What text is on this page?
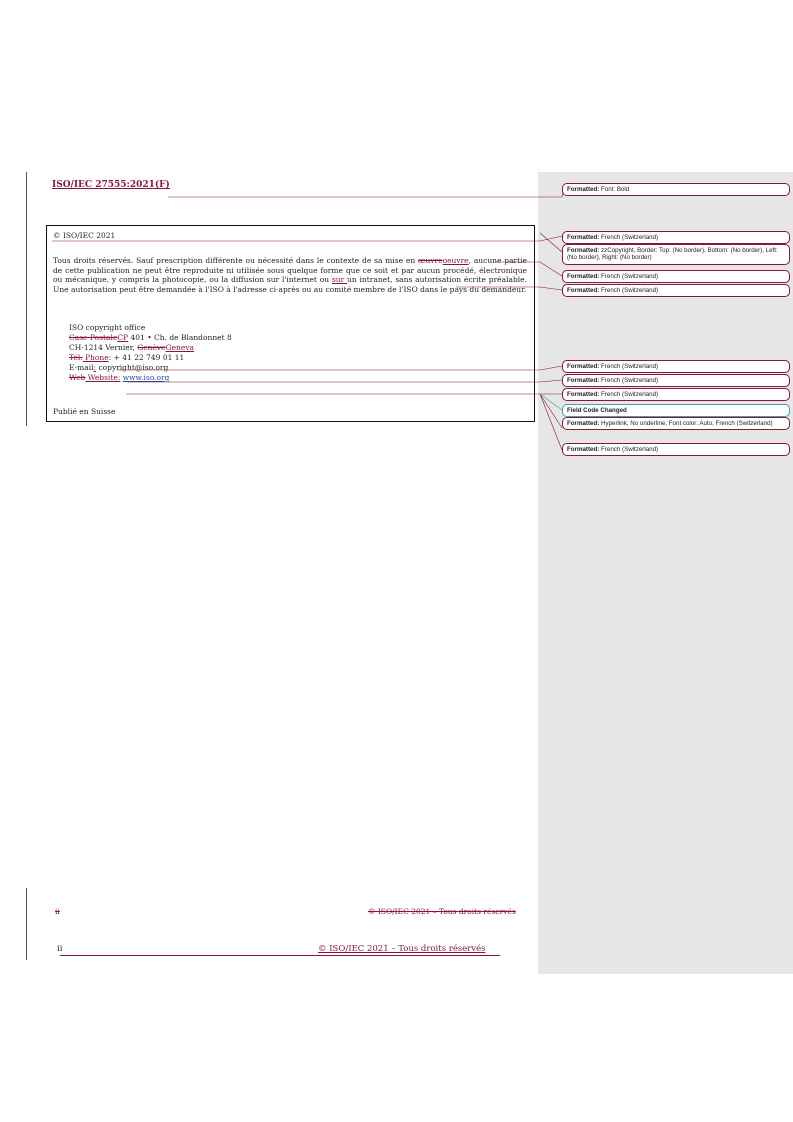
ISO/IEC 27555:2021(F)
© ISO/IEC 2021
Tous droits réservés. Sauf prescription différente ou nécessité dans le contexte de sa mise en œuvreoeuvre, aucune partie de cette publication ne peut être reproduite ni utilisée sous quelque forme que ce soit et par aucun procédé, électronique ou mécanique, y compris la photocopie, ou la diffusion sur l'internet ou sur un intranet, sans autorisation écrite préalable. Une autorisation peut être demandée à l'ISO à l'adresse ci-après ou au comité membre de l'ISO dans le pays du demandeur.
ISO copyright office
Case PostaleCP 401 • Ch. de Blandonnet 8
CH-1214 Vernier, GenèveGeneva
Tél. Phone: + 41 22 749 01 11
E-mail: copyright@iso.org
Web Website: www.iso.org
Publié en Suisse
ii	© ISO/IEC 2021 – Tous droits réservés
ii	© ISO/IEC 2021 – Tous droits réservés
Formatted: Font: Bold
Formatted: French (Switzerland)
Formatted: zzCopyright, Border: Top: (No border), Bottom: (No border), Left: (No border), Right: (No border)
Formatted: French (Switzerland)
Formatted: French (Switzerland)
Formatted: French (Switzerland)
Formatted: French (Switzerland)
Formatted: French (Switzerland)
Field Code Changed
Formatted: Hyperlink, No underline, Font color: Auto, French (Switzerland)
Formatted: French (Switzerland)
